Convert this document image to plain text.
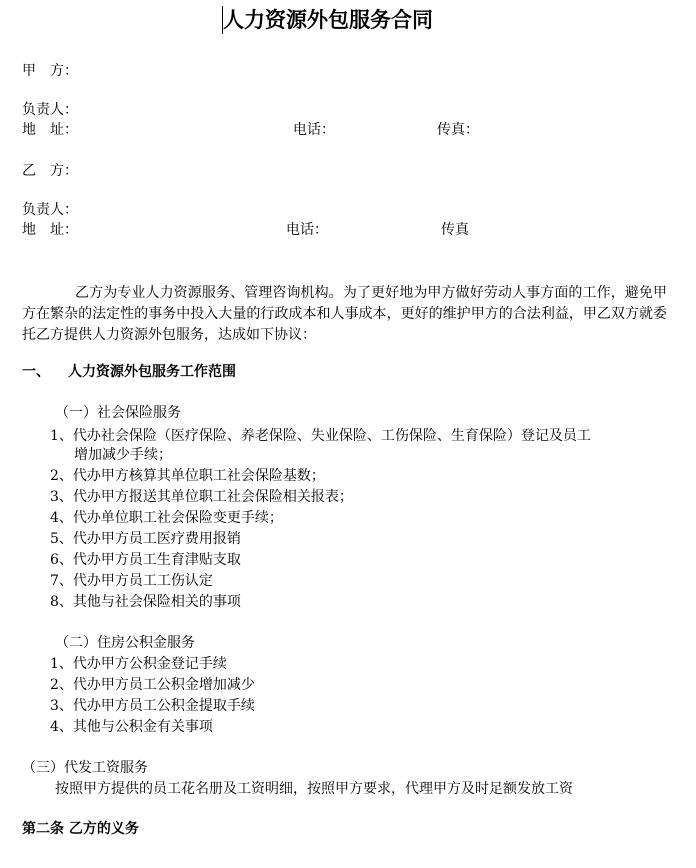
人力资源外包服务合同
甲　方：
负责人：
地　址：	电话：	传真：
乙　方：
负责人：
地　址：	电话：	传真
乙方为专业人力资源服务、管理咨询机构。为了更好地为甲方做好劳动人事方面的工作，避免甲方在繁杂的法定性的事务中投入大量的行政成本和人事成本，更好的维护甲方的合法利益，甲乙双方就委托乙方提供人力资源外包服务，达成如下协议：
一、 人力资源外包服务工作范围
（一）社会保险服务
1、代办社会保险（医疗保险、养老保险、失业保险、工伤保险、生育保险）登记及员工
增加减少手续；
2、代办甲方核算其单位职工社会保险基数；
3、代办甲方报送其单位职工社会保险相关报表；
4、代办单位职工社会保险变更手续；
5、代办甲方员工医疗费用报销
6、代办甲方员工生育津贴支取
7、代办甲方员工工伤认定
8、其他与社会保险相关的事项
（二）住房公积金服务
1、代办甲方公积金登记手续
2、代办甲方员工公积金增加减少
3、代办甲方员工公积金提取手续
4、其他与公积金有关事项
（三）代发工资服务
按照甲方提供的员工花名册及工资明细，按照甲方要求，代理甲方及时足额发放工资
第二条 乙方的义务
